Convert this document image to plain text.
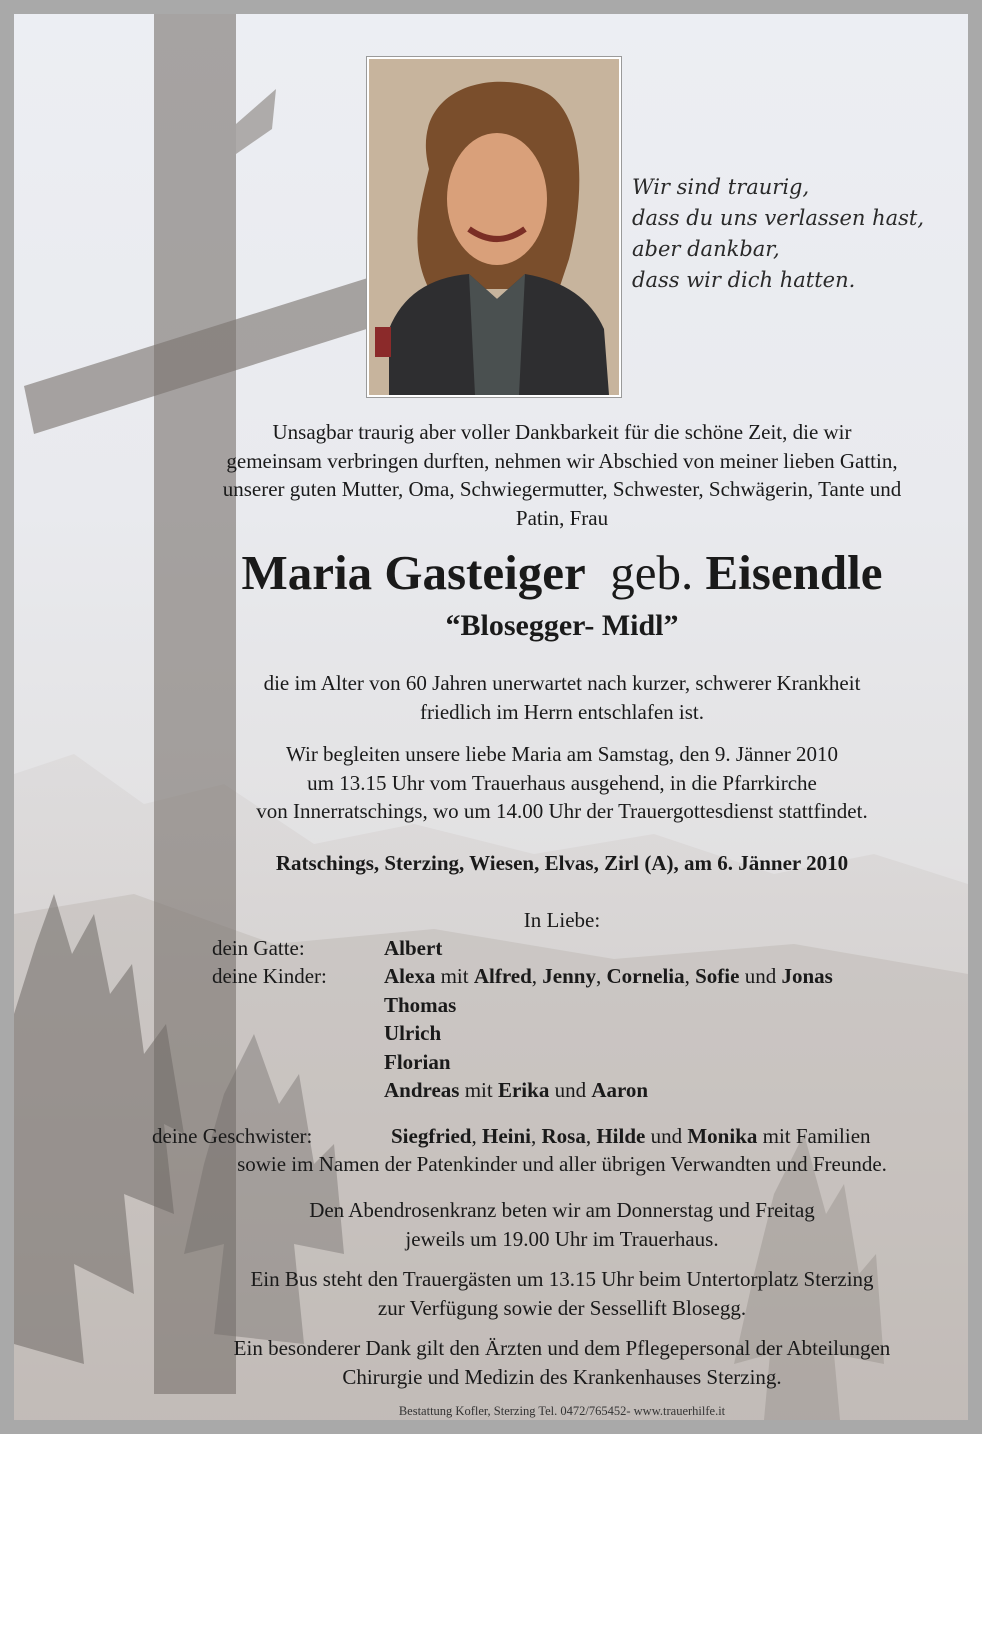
Wir sind traurig,
dass du uns verlassen hast,
aber dankbar,
dass wir dich hatten.
Unsagbar traurig aber voller Dankbarkeit für die schöne Zeit, die wir
gemeinsam verbringen durften, nehmen wir Abschied von meiner lieben Gattin,
unserer guten Mutter, Oma, Schwiegermutter, Schwester, Schwägerin, Tante und
Patin, Frau
Maria Gasteiger geb. Eisendle
“Blosegger- Midl”
die im Alter von 60 Jahren unerwartet nach kurzer, schwerer Krankheit
friedlich im Herrn entschlafen ist.
Wir begleiten unsere liebe Maria am Samstag, den 9. Jänner 2010
um 13.15 Uhr vom Trauerhaus ausgehend, in die Pfarrkirche
von Innerratschings, wo um 14.00 Uhr der Trauergottesdienst stattfindet.
Ratschings, Sterzing, Wiesen, Elvas, Zirl (A), am 6. Jänner 2010
In Liebe:
dein Gatte:	Albert
deine Kinder:	Alexa mit Alfred, Jenny, Cornelia, Sofie und Jonas
Thomas
Ulrich
Florian
Andreas mit Erika und Aaron
deine Geschwister:	Siegfried, Heini, Rosa, Hilde und Monika mit Familien
sowie im Namen der Patenkinder und aller übrigen Verwandten und Freunde.
Den Abendrosenkranz beten wir am Donnerstag und Freitag
jeweils um 19.00 Uhr im Trauerhaus.
Ein Bus steht den Trauergästen um 13.15 Uhr beim Untertorplatz Sterzing
zur Verfügung sowie der Sessellift Blosegg.
Ein besonderer Dank gilt den Ärzten und dem Pflegepersonal der Abteilungen
Chirurgie und Medizin des Krankenhauses Sterzing.
Bestattung Kofler, Sterzing Tel. 0472/765452- www.trauerhilfe.it
